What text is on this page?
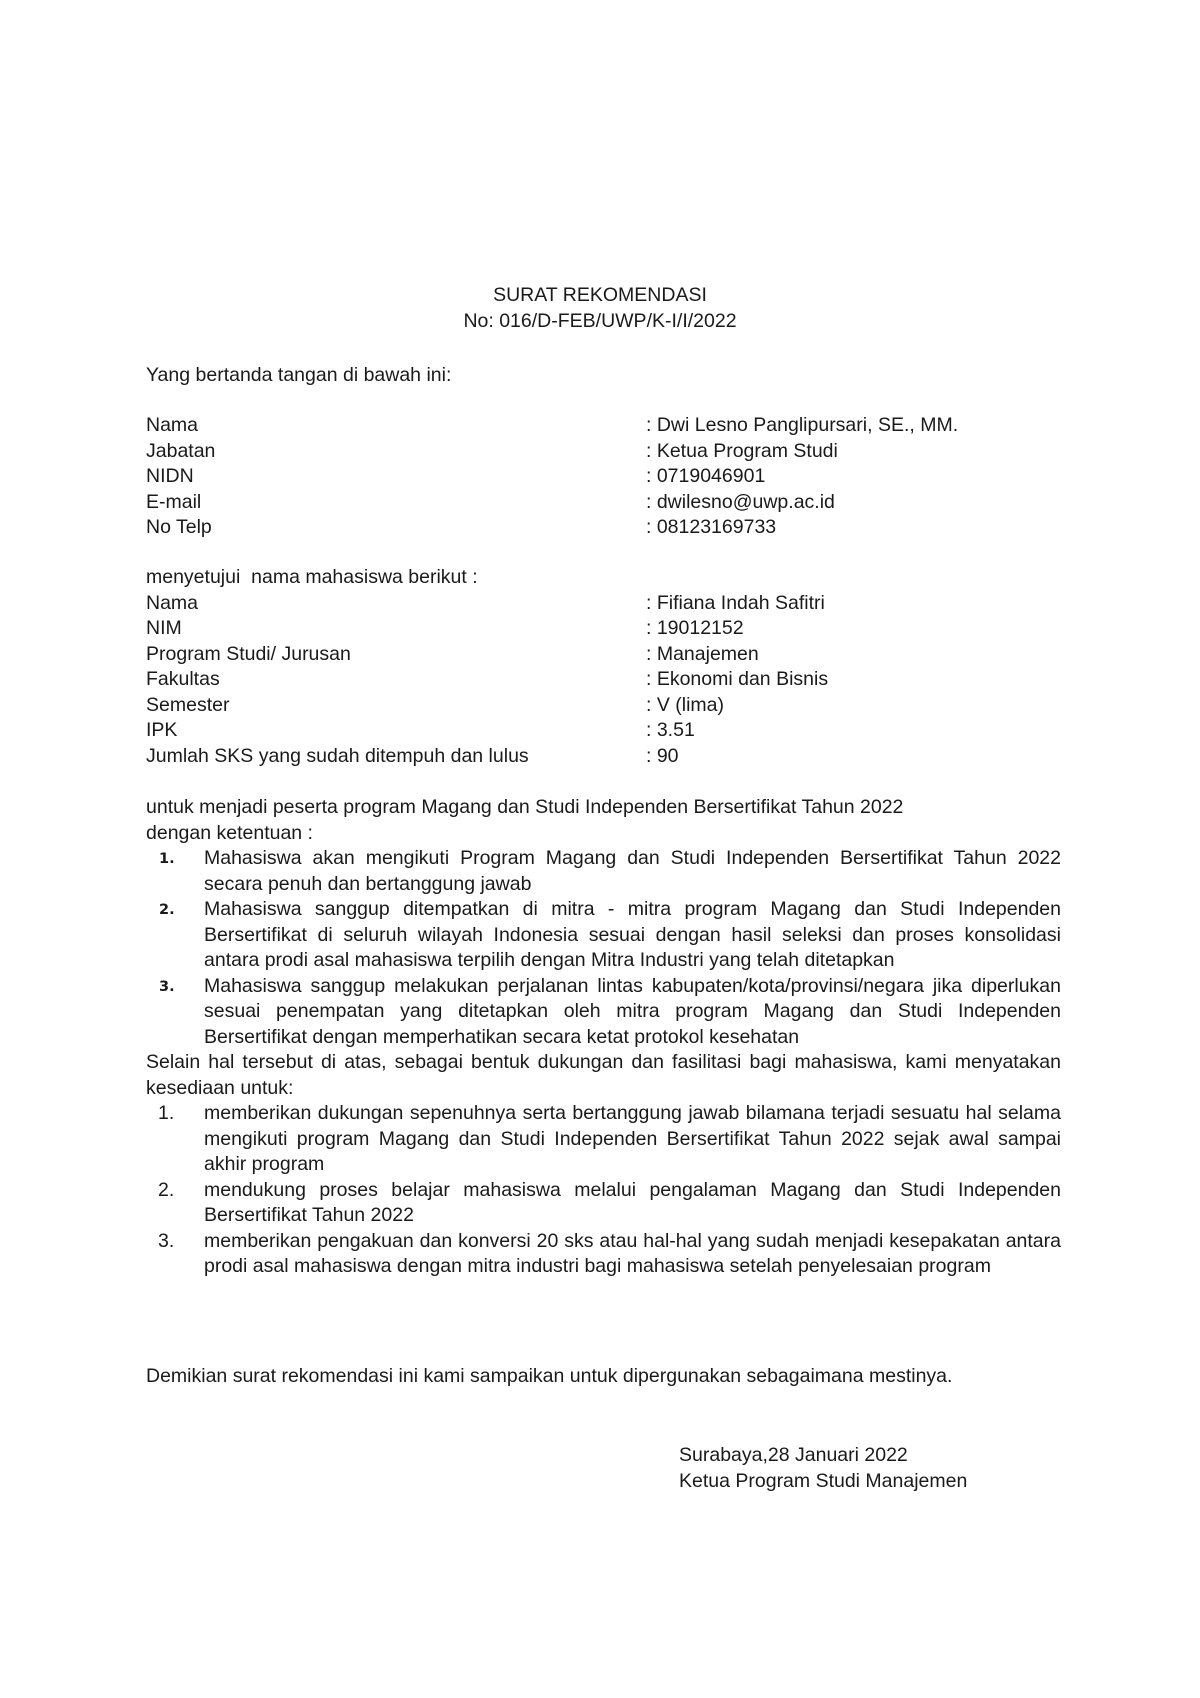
SURAT REKOMENDASI
No: 016/D-FEB/UWP/K-I/I/2022
Yang bertanda tangan di bawah ini:
Nama	: Dwi Lesno Panglipursari, SE., MM.
Jabatan	: Ketua Program Studi
NIDN	: 0719046901
E-mail	: dwilesno@uwp.ac.id
No Telp	: 08123169733
menyetujui  nama mahasiswa berikut :
Nama	: Fifiana Indah Safitri
NIM	: 19012152
Program Studi/ Jurusan	: Manajemen
Fakultas	: Ekonomi dan Bisnis
Semester	: V (lima)
IPK	: 3.51
Jumlah SKS yang sudah ditempuh dan lulus	: 90
untuk menjadi peserta program Magang dan Studi Independen Bersertifikat Tahun 2022
dengan ketentuan :
1.	Mahasiswa akan mengikuti Program Magang dan Studi Independen Bersertifikat Tahun 2022 secara penuh dan bertanggung jawab
2.	Mahasiswa sanggup ditempatkan di mitra - mitra program Magang dan Studi Independen Bersertifikat di seluruh wilayah Indonesia sesuai dengan hasil seleksi dan proses konsolidasi antara prodi asal mahasiswa terpilih dengan Mitra Industri yang telah ditetapkan
3.	Mahasiswa sanggup melakukan perjalanan lintas kabupaten/kota/provinsi/negara jika diperlukan sesuai penempatan yang ditetapkan oleh mitra program Magang dan Studi Independen Bersertifikat dengan memperhatikan secara ketat protokol kesehatan
Selain hal tersebut di atas, sebagai bentuk dukungan dan fasilitasi bagi mahasiswa, kami menyatakan kesediaan untuk:
1.	memberikan dukungan sepenuhnya serta bertanggung jawab bilamana terjadi sesuatu hal selama mengikuti program Magang dan Studi Independen Bersertifikat Tahun 2022 sejak awal sampai akhir program
2.	mendukung proses belajar mahasiswa melalui pengalaman Magang dan Studi Independen Bersertifikat Tahun 2022
3.	memberikan pengakuan dan konversi 20 sks atau hal-hal yang sudah menjadi kesepakatan antara prodi asal mahasiswa dengan mitra industri bagi mahasiswa setelah penyelesaian program
Demikian surat rekomendasi ini kami sampaikan untuk dipergunakan sebagaimana mestinya.
Surabaya,28 Januari 2022
Ketua Program Studi Manajemen
